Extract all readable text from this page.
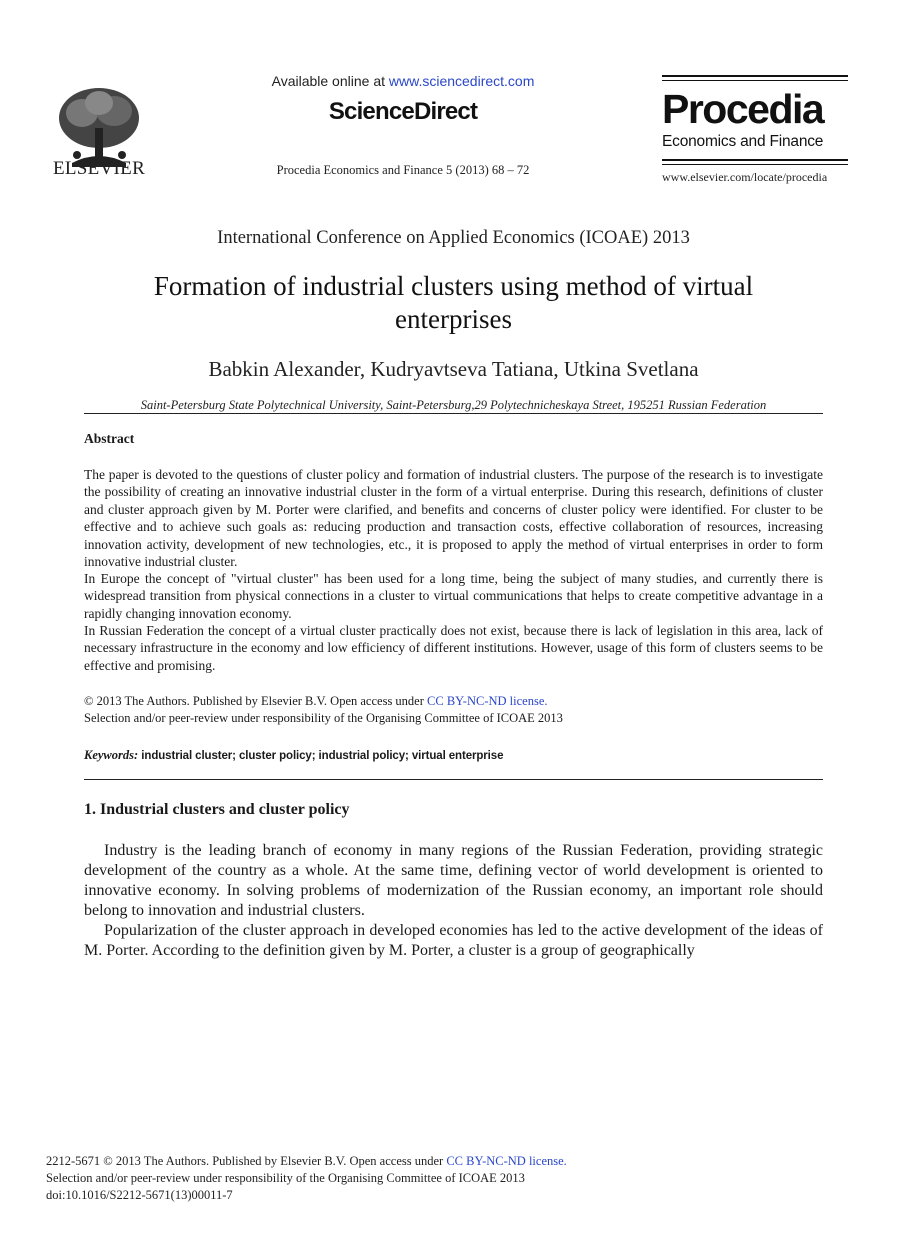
ELSEVIER
Available online at www.sciencedirect.com
ScienceDirect
Procedia Economics and Finance 5 (2013) 68 – 72
Procedia
Economics and Finance
www.elsevier.com/locate/procedia
International Conference on Applied Economics (ICOAE) 2013
Formation of industrial clusters using method of virtual enterprises
Babkin Alexander, Kudryavtseva Tatiana, Utkina Svetlana
Saint-Petersburg State Polytechnical University, Saint-Petersburg,29 Polytechnicheskaya Street, 195251 Russian Federation
Abstract
The paper is devoted to the questions of cluster policy and formation of industrial clusters. The purpose of the research is to investigate the possibility of creating an innovative industrial cluster in the form of a virtual enterprise. During this research, definitions of cluster and cluster approach given by M. Porter were clarified, and benefits and concerns of cluster policy were identified. For cluster to be effective and to achieve such goals as: reducing production and transaction costs, effective collaboration of resources, increasing innovation activity, development of new technologies, etc., it is proposed to apply the method of virtual enterprises in order to form innovative industrial cluster.
In Europe the concept of "virtual cluster" has been used for a long time, being the subject of many studies, and currently there is widespread transition from physical connections in a cluster to virtual communications that helps to create competitive advantage in a rapidly changing innovation economy.
In Russian Federation the concept of a virtual cluster practically does not exist, because there is lack of legislation in this area, lack of necessary infrastructure in the economy and low efficiency of different institutions. However, usage of this form of clusters seems to be effective and promising.
© 2013 The Authors. Published by Elsevier B.V. Open access under CC BY-NC-ND license.
Selection and/or peer-review under responsibility of the Organising Committee of ICOAE 2013
Keywords: industrial cluster; cluster policy; industrial policy; virtual enterprise
1. Industrial clusters and cluster policy
Industry is the leading branch of economy in many regions of the Russian Federation, providing strategic development of the country as a whole. At the same time, defining vector of world development is oriented to innovative economy. In solving problems of modernization of the Russian economy, an important role should belong to innovation and industrial clusters.
Popularization of the cluster approach in developed economies has led to the active development of the ideas of M. Porter. According to the definition given by M. Porter, a cluster is a group of geographically
2212-5671 © 2013 The Authors. Published by Elsevier B.V. Open access under CC BY-NC-ND license.
Selection and/or peer-review under responsibility of the Organising Committee of ICOAE 2013
doi:10.1016/S2212-5671(13)00011-7
